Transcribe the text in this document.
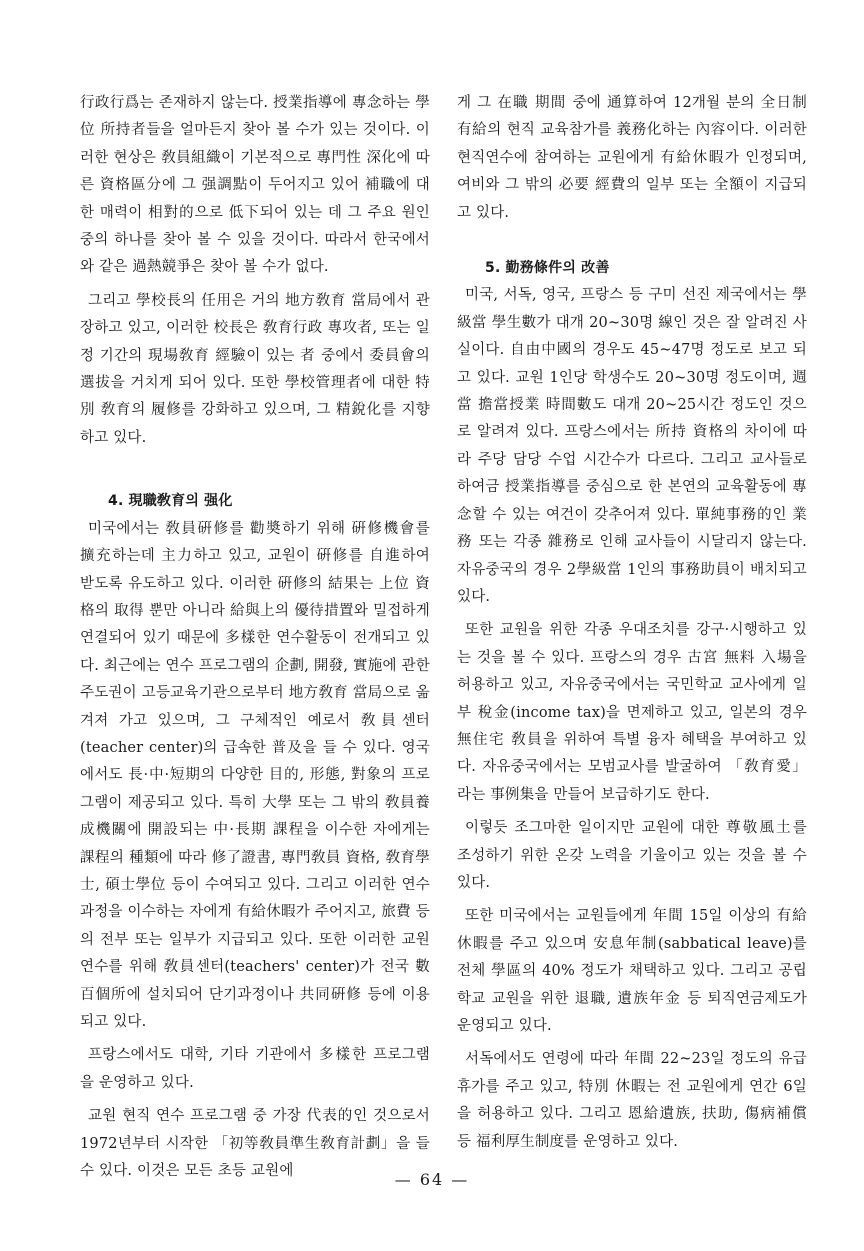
行政行爲는 존재하지 않는다. 授業指導에 專念하는 學位 所持者들을 얼마든지 찾아 볼 수가 있는 것이다. 이러한 현상은 敎員組織이 기본적으로 專門性 深化에 따른 資格區分에 그 强調點이 두어지고 있어 補職에 대한 매력이 相對的으로 低下되어 있는 데 그 주요 원인 중의 하나를 찾아 볼 수 있을 것이다. 따라서 한국에서와 같은 過熱競爭은 찾아 볼 수가 없다.

그리고 學校長의 任用은 거의 地方敎育 當局에서 관장하고 있고, 이러한 校長은 敎育行政 專攻者, 또는 일정 기간의 現場敎育 經驗이 있는 者 중에서 委員會의 選拔을 거치게 되어 있다. 또한 學校管理者에 대한 特別 敎育의 履修를 강화하고 있으며, 그 精銳化를 지향하고 있다.

4. 現職敎育의 强化

미국에서는 敎員硏修를 勸奬하기 위해 硏修機會를 擴充하는데 主力하고 있고, 교원이 硏修를 自進하여 받도록 유도하고 있다. 이러한 硏修의 結果는 上位 資格의 取得 뿐만 아니라 給與上의 優待措置와 밀접하게 연결되어 있기 때문에 多樣한 연수활동이 전개되고 있다. 최근에는 연수 프로그램의 企劃, 開發, 實施에 관한 주도권이 고등교육기관으로부터 地方敎育 當局으로 옮겨져 가고 있으며, 그 구체적인 예로서 敎員센터(teacher center)의 급속한 普及을 들 수 있다. 영국에서도 長·中·短期의 다양한 目的, 形態, 對象의 프로그램이 제공되고 있다. 특히 大學 또는 그 밖의 敎員養成機關에 開設되는 中·長期 課程을 이수한 자에게는 課程의 種類에 따라 修了證書, 專門敎員 資格, 敎育學士, 碩士學位 등이 수여되고 있다. 그리고 이러한 연수과정을 이수하는 자에게 有給休暇가 주어지고, 旅費 등의 전부 또는 일부가 지급되고 있다. 또한 이러한 교원 연수를 위해 敎員센터(teachers' center)가 전국 數百個所에 설치되어 단기과정이나 共同硏修 등에 이용되고 있다.

프랑스에서도 대학, 기타 기관에서 多樣한 프로그램을 운영하고 있다.

교원 현직 연수 프로그램 중 가장 代表的인 것으로서 1972년부터 시작한 「初等敎員準生敎育計劃」을 들 수 있다. 이것은 모든 초등 교원에

게 그 在職 期間 중에 通算하여 12개월 분의 全日制 有給의 현직 교육참가를 義務化하는 內容이다. 이러한 현직연수에 참여하는 교원에게 有給休暇가 인정되며, 여비와 그 밖의 必要 經費의 일부 또는 全額이 지급되고 있다.

5. 勤務條件의 改善

미국, 서독, 영국, 프랑스 등 구미 선진 제국에서는 學級當 學生數가 대개 20~30명 線인 것은 잘 알려진 사실이다. 自由中國의 경우도 45~47명 정도로 보고 되고 있다. 교원 1인당 학생수도 20~30명 정도이며, 週當 擔當授業 時間數도 대개 20~25시간 정도인 것으로 알려져 있다. 프랑스에서는 所持 資格의 차이에 따라 주당 담당 수업 시간수가 다르다. 그리고 교사들로 하여금 授業指導를 중심으로 한 본연의 교육활동에 專念할 수 있는 여건이 갖추어져 있다. 單純事務的인 業務 또는 각종 雜務로 인해 교사들이 시달리지 않는다. 자유중국의 경우 2學級當 1인의 事務助員이 배치되고 있다.

또한 교원을 위한 각종 우대조치를 강구·시행하고 있는 것을 볼 수 있다. 프랑스의 경우 古宮 無料 入場을 허용하고 있고, 자유중국에서는 국민학교 교사에게 일부 稅金(income tax)을 면제하고 있고, 일본의 경우 無住宅 敎員을 위하여 특별 융자 혜택을 부여하고 있다. 자유중국에서는 모범교사를 발굴하여 「敎育愛」라는 事例集을 만들어 보급하기도 한다.

이렇듯 조그마한 일이지만 교원에 대한 尊敬風土를 조성하기 위한 온갖 노력을 기울이고 있는 것을 볼 수 있다.

또한 미국에서는 교원들에게 年間 15일 이상의 有給休暇를 주고 있으며 安息年制(sabbatical leave)를 전체 學區의 40% 정도가 채택하고 있다. 그리고 공립학교 교원을 위한 退職, 遺族年金 등 퇴직연금제도가 운영되고 있다.

서독에서도 연령에 따라 年間 22~23일 정도의 유급 휴가를 주고 있고, 特別 休暇는 전 교원에게 연간 6일을 허용하고 있다. 그리고 恩給遺族, 扶助, 傷病補償 등 福利厚生制度를 운영하고 있다.

— 64 —
